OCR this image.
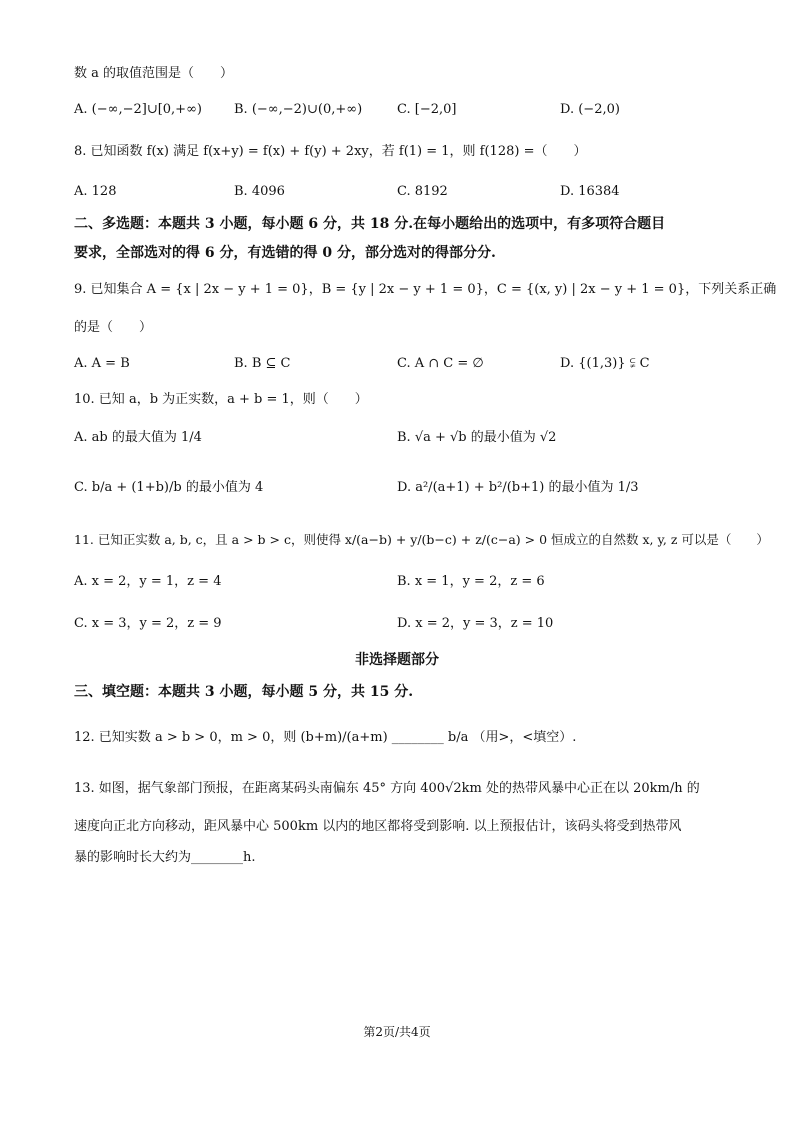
数 a 的取值范围是（　　）
A. (−∞,−2]∪[0,+∞) B. (−∞,−2)∪(0,+∞)	C. [−2,0]	D. (−2,0)
8. 已知函数 f(x) 满足 f(x+y) = f(x) + f(y) + 2xy，若 f(1) = 1，则 f(128) =（　　）
A. 128	B. 4096	C. 8192	D. 16384
二、多选题：本题共 3 小题，每小题 6 分，共 18 分.在每小题给出的选项中，有多项符合题目
要求，全部选对的得 6 分，有选错的得 0 分，部分选对的得部分分.
9. 已知集合 A = {x | 2x − y + 1 = 0}，B = {y | 2x − y + 1 = 0}，C = {(x, y) | 2x − y + 1 = 0}，下列关系正确
的是（　　）
A. A = B	B. B ⊆ C	C. A ∩ C = ∅	D. {(1,3)} ⫋ C
10. 已知 a，b 为正实数，a + b = 1，则（　　）
A. ab 的最大值为 1/4	B. √a + √b 的最小值为 √2
C. b/a + (1+b)/b 的最小值为 4	D. a²/(a+1) + b²/(b+1) 的最小值为 1/3
11. 已知正实数 a, b, c，且 a > b > c，则使得 x/(a−b) + y/(b−c) + z/(c−a) > 0 恒成立的自然数 x, y, z 可以是（　　）
A. x = 2，y = 1，z = 4	B. x = 1，y = 2，z = 6
C. x = 3，y = 2，z = 9	D. x = 2，y = 3，z = 10
非选择题部分
三、填空题：本题共 3 小题，每小题 5 分，共 15 分.
12. 已知实数 a > b > 0，m > 0，则 (b+m)/(a+m) ________ b/a （用>，<填空）.
13. 如图，据气象部门预报，在距离某码头南偏东 45° 方向 400√2km 处的热带风暴中心正在以 20km/h 的
速度向正北方向移动，距风暴中心 500km 以内的地区都将受到影响. 以上预报估计，该码头将受到热带风
暴的影响时长大约为________h.
第2页/共4页
